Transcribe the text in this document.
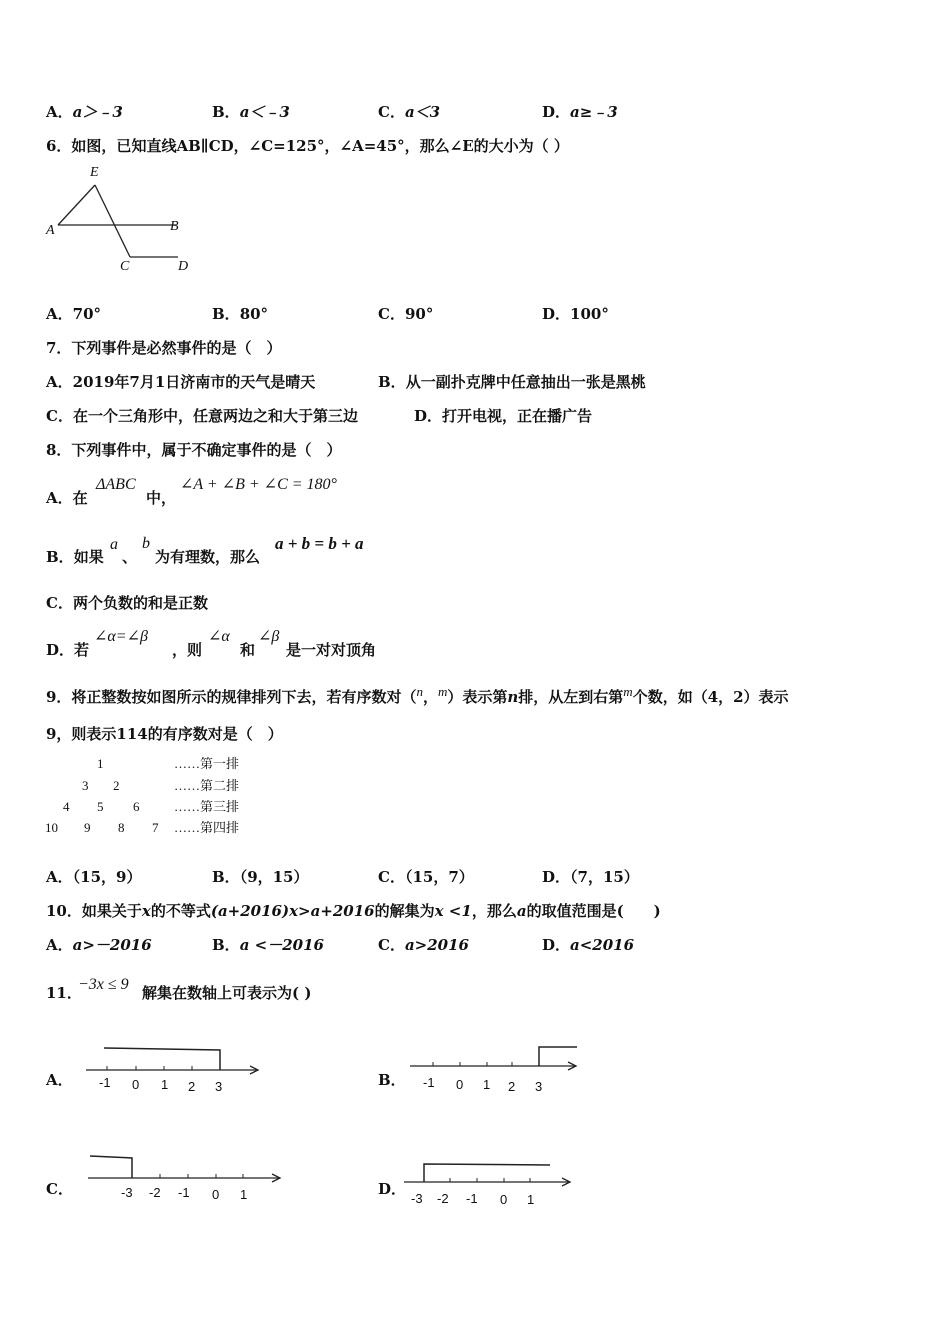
A．a＞﹣3	B．a＜﹣3	C．a＜3	D．a≥﹣3
6．如图，已知直线AB∥CD，∠C=125°，∠A=45°，那么∠E的大小为（ ）
E
A	B
C	D
A．70°	B．80°	C．90°	D．100°
7．下列事件是必然事件的是（　）
A．2019年7月1日济南市的天气是晴天	B．从一副扑克牌中任意抽出一张是黑桃
C．在一个三角形中，任意两边之和大于第三边	D．打开电视，正在播广告
8．下列事件中，属于不确定事件的是（　）
A．在
ΔABC
中，
∠A + ∠B + ∠C = 180°
B．如果
a
、
b
为有理数，那么
a + b = b + a
C．两个负数的和是正数
D．若
∠α=∠β
，则
∠α
和
∠β
是一对对顶角
9．将正整数按如图所示的规律排列下去，若有序数对（n，m）表示第n排，从左到右第m个数，如（4，2）表示
9，则表示114的有序数对是（　）
1	……第一排
3 2	……第二排
4 5 6	……第三排
10 9 8 7 ……第四排
A．（15，9）	B．（9，15）	C．（15，7）	D．（7，15）
10．如果关于x的不等式(a+2016)x>a+2016的解集为x <1，那么a的取值范围是(　　)
A．a>－2016	B．a <－2016	C．a>2016	D．a<2016
11．
−3x ≤ 9 解集在数轴上可表示为( )
A． -1 0 1 2 3	B． -1 0 1 2 3
C．	-3 -2 -1 0 1	D．
-3 -2 -1 0 1
